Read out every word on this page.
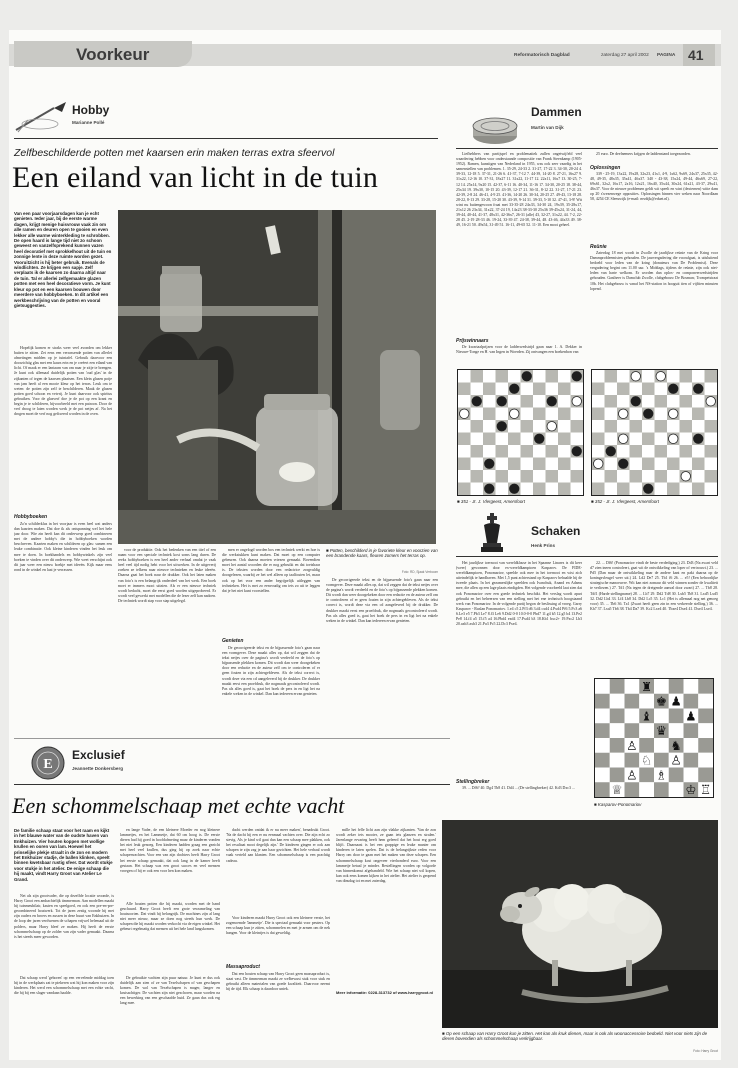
Voorkeur	Reformatorisch Dagblad	zaterdag 27 april 2002 PAGINA 41
Hobby
Marianne Pollé
Zelfbeschilderde potten met kaarsen erin maken terras extra sfeervol
Een eiland van licht in de tuin
Van een paar voorjaarsdagen kan je echt genieten. Ieder jaar, bij de eerste warme dagen, krijgt menige huisvrouw vaak zin om alle ramen en deuren open te gooien en even lekker alle warme winterkleding te schrobben. De open haard is lange tijd niet zo schoon geweest en vanzelfsprekend kunnen vazen heel decoratief met sprokkelhout uit de tuin en zonnige lente in deze ruimte worden gezet. Vooruitzicht is hij beter gebruik. Evenals de windlichten. Ze krijgen een sapje. Zelf verplaats ik de kaarsen zo daarna altijd naar de tuin. Tal er allerlei zelfgemaakte glazen potten met een heel decoratieve vorm. Je kunt kleur op pot en een kaarsen bouwen door meerdere van hobbyboeken. In dit artikel een werkbeschrijving van de potten en vooral gietsuggesties.

Hopelijk komen er straks weer veel avonden om lekker buiten te zitten. Zet eens een verrassende potten van allerlei afmetingen midden op je tuintafel. Gebruik daarvoor een doorzichtig glas met een kaars erin en je creëert een eiland van licht. Of maak er een lantaarn van om naar je zitje te brengen. Je kunt ook allemaal duidelijk potten van 'oud glas' in de zijkanten of tegen de kaarsen plaatsen. Een klein glazen potje van jam heeft al een mooie kleur op het terras. Leuk om te weten: de potten zijn zelf te beschilderen. Maak de glazen potten goed schoon en vetvrij. Je kunt daarvoor ook spiritus gebruiken. Voor de glasverf doe je de pot op een krant en begin je te schilderen, bijvoorbeeld met een patroon. Door de verf droog te laten worden werk je de pot netjes af. Na het drogen moet de verf nog gefixeerd worden in de oven.

Hobbyboeken

Zo'n schilderklus in het voorjaar is even heel wat anders dan kaarten maken. Dat doe ik als ontspanning wel het hele jaar door. Wie zin heeft kan dit onderwerp goed combineren met de andere hobby's die in hobbyboeken worden beschreven. Kaarten maken en schilderen op glas: samen een leuke combinatie. Ook kleine kinderen vinden het leuk om mee te doen. In boekhandels en hobbywinkels zijn veel boeken te vinden over dit onderwerp. Wie weet verschijnt ook dit jaar weer een nieuw boekje met ideeën. Kijk maar eens rond in de winkel en laat je verrassen.

voor de produktie. Ook het bedenken van een titel of een naam voor een speciale techniek kost soms lang duren. De reeks hobbyboeken is een heel ander verhaal omdat je vaak heel veel tijd nodig hebt voor het uitwerken. In de uitgeverij zoeken ze telkens naar nieuwe technieken en leuke ideeën. Daarna gaat het boek naar de drukker. Ook het laten maken van foto's is een belangrijk onderdeel van het werk. Een boek moet er immers mooi uitzien. Als er een nieuwe techniek wordt bedacht, moet die eerst goed worden uitgeprobeerd. Er wordt veel gewerkt met modellen die de lezer zelf kan nadoen. De techniek wordt stap voor stap uitgelegd.

men er ongelogd worden bos een techniek werkt en hoe is die werkstukken kunt maken. Dat moet op een computer gebeuren. Ook daarna moeten vriezen gemaakt. Bovendien moet het aantal woorden die er nog gebruikt en dat toetsbaar is. De teksten worden door een redactrice zorgvuldig doorgelezen, waarbij ze het wel alleen op taalfouten let, maar ook op het voor een ander begrijpelijk uitleggen van technieken. Het is met zo eenvoudig om iets zo uit te leggen dat je het niet kunt voorstellen.

Genieten

De gecorrigeerde tekst en de bijpassende foto's gaan naar een vormgever. Deze maakt alles op, dat wil zeggen dat de tekst netjes over de pagina's wordt verdeeld en de foto's op bijpassende plekken komen. Dit wordt dan weer doorgekeken door een redactie en de auteur zelf om te controleren of er geen fouten in zijn achtergebleven. Als de tekst correct is, wordt deze via een cd aangeleverd bij de drukker. De drukker maakt eerst een proefdruk, die nogmaals gecontroleerd wordt. Pas als alles goed is, gaat het boek de pers in en ligt het na enkele weken in de winkel. Dan kan iedereen ervan genieten.

■ Potten, beschilderd in je favoriete kleur en voorzien van een brandende kaars, fleuren zomers het terras op.
Foto: RD, Sjaak Verboom

De gecorrigeerde tekst en de bijpassende foto's gaan naar een vormgever. Deze maakt alles op, dat wil zeggen dat de tekst netjes over de pagina's wordt verdeeld en de foto's op bijpassende plekken komen. Dit wordt dan weer doorgekeken door een redactie en de auteur zelf om te controleren of er geen fouten in zijn achtergebleven. Als de tekst correct is, wordt deze via een cd aangeleverd bij de drukker. De drukker maakt eerst een proefdruk, die nogmaals gecontroleerd wordt. Pas als alles goed is, gaat het boek de pers in en ligt het na enkele weken in de winkel. Dan kan iedereen ervan genieten.

Dammen
Martin van Dijk

Liefhebbers van partijspel en problematiek zullen ongetwijfeld veel waardering hebben voor onderstaande compositie van Frank Steenkamp (1905-1952). Ramen, kunstigen van Nederland in 1955, was ook zeer vaardig in het samenstellen van problemen. 1. 35-29, 24-33 2. 31-27, 17-22 3. 34-30, 20-24 4. 39-33, 12-18 5. 37-31, 21-26 6. 41-37, 7-12 7. 44-39, 14-20 8. 27-21, 16x27 9. 31x22, 12-16 10. 37-31, 18x27 11. 31x22, 11-17 12. 22x11, 16x7 13. 30-25, 7-12 14. 25x14, 9x20 15. 42-37, 6-11 16. 40-34, 11-16 17. 34-30, 20-25 18. 38-44, 25x34 19. 39x30, 10-15 20. 43-39, 12-17 21. 36-31, 8-12 22. 31-27, 17-21 23. 42-39, 2-8 24. 46-41, 4-9 25. 41-36, 14-20 26. 30-34, 20-25 27. 49-43, 13-18 28. 28-22, 8-13 29. 33-28, 15-20 30. 43-39, 9-14 31. 39-33, 5-10 32. 47-41, 3-9! Wit wint nu buitengewoon fraai met 33-35-28 24x33, 34-30 24, 19x39, 35-28x17, 21x12 26 23x34, 31x22, 37-24 19, 14x23 38-33-30 25x36 39-45x24, 31-24, 44, 39-44, 40-44, 41-37, 48x31, 42-36x7, 26-31 (alle) 43, 32-27, 31x22, 44. 7-2, 22-28 45. 2-19 28-33 46. 19-24, 33-39 47. 24-38, 39-44, 48. 43-46, 44x33 49. 38-49, 16-21 50. 49x54, 31-49 51. 16-11, 49-65 52. 11-10. Een mooi geheel.

Prijswinnaars

De kwartaalprijzen voor de ladderwedstrijd gaan naar 1. A. Dekker in Nieuwe-Tonge en H. van Ingen in Woerden. Zij ontvangen een boekenbon van

25 euro. De deelnemers krijgen de laddenstand toegezonden.

Oplossingen

339 - 25-19, 13x22, 19x28, 32x23, 41x1, 4-9, 1x62, 9x69, 24x37, 25x35, 42-48, 49-35, 48x35, 35x41, 46x37. 340 - 43-38, 15x24, 49-44, 46x69, 27-22, 69x61, 32x2, 16x17, 2x16, 12x21, 16x40, 35x44, 30x24, 61x21, 43-37, 29x41, 46x37. Voor de nieuwe problemen geldt wit speelt en wint (dexternen) witte dam op 20 s'wezenwege opposities. Oplossingen binnen vier weken naar Noordlaan 58, 4254 CE Sleeuwijk (e-mail: mvdijk@eduet.nl).

Reünie

Zaterdag 18 mei wordt in Zwolle de jaarlijkse reünie van de Kring voor Dammprobleemisten gehouden. De jaarvergadering die voorafgaat, is uitsluitend bedoeld voor leden van de kring (donateurs van De Problemist). Deze vergadering begint om 11.00 uur. 's Middags, tijdens de reünie, zijn ook niet-leden van harte welkom. Er worden dan oplos- en componeerwedstrijden gehouden. Gastheer is Damclub Zwolle, clubgebouw De Bosmarr, Trompetstraat 10b. Het clubgebouw is vanaf het NS-station in hooguit tien of vijftien minuten lopend.

■ 351 - Jr. J. Vlergeest, Amersfoort	■ 352 - Jr. J. Vlergeest, Amersfoort
Schaken
Henk Prins

Het jaarlijkse toernooi van wereldklasse in het Spaanse Linares is dit keer (weer) gewonnen door ex-wereldkampioen Kasparov. De FIDE-wereldkampioen, Ponomariov, speelde ook mee in het toernooi en wist zich uiteindelijk te handhaven. Met 1,5 punt achterstand op Kasparov behaalde hij de tweede plaats. In het gezamenlijke speelden ook Ivanchuk, Anand en Adams mee, die allen op een lage plaats eindigden. Het volgende voorbeeld laat zien dat ook Ponomariov over een goede techniek beschikt. Het verslag wordt apart gebruikt en het beheersen van een stelling met het ene technisch hoogstaand werk van Ponomariov. In de volgende partij begon de beslissing al vroeg. Garry Kasparov - Ruslan Ponomariov. 1.e4 c5 2.Pf3 d6 3.d4 cxd4 4.Pxd4 Pf6 5.Pc3 a6 6.Le3 e5 7.Pb3 Le7 8.f3 Le6 9.Dd2 0-0 10.0-0-0 Pbd7 11.g4 b5 12.g5 b4 13.Pe2 Pe8 14.f4 a5 15.f5 a4 16.Pbd4 exd4 17.Pxd4 b3 18.Kb1 bxc2+ 19.Pxc2 Lb3 20.axb3 axb3 21.Pa3 Pc5 22.Dc3 Pxe4.

Stellingbreker

39. ... Df6? 40. Dg4 Tb8 41. Dd4 ... (De stellingbreker) 42. Kd3 Dxc3 ...

22. ... Df6! (Ponomariov vindt de beste verdediging.) 23. Dd3 (Na zwart veld d7 zien ineen controleert, gaat wit de ontwikkeling van loper of vertrouwt.) 23. ... Pd5 (Dan maar de ontwikkeling naar de andere kant en pakt daarna op de koningsvleugel weer uit.) 24. Ld2 De7 25. Tb1 f6 26. ... e5! (Een behoorlijke strategische manoeuvre. Wit kan niet zomaar dit veld winnen zonder de kwaliteit te verliezen.) 27. Td1 (Na tegen de dreigende aanval door zwart) 27. ... Tb8 28. Tdf1 (Harde stellingname) 28. ... Lb7 29. Dd2 Td8 30. Lxb5 Tb8 31. Lxd5 Lxd5 32. Dd2 Lb4 33. Lf4 Lb8 34. Dd2 Lc5 35. Lc1 (Het is allemaal nog net genoeg voor) 35. ... Tb6 36. Ta1 (Zwart heeft geen zin in een verkeerde stelling.) 36. ... Kh7 37. Lxa5 Tb6 38. Tb4 Da7 39. Kc2 Lxe4 40. Tbxe4 Dxe4 41. Dxe4 Lxe4.

♜
♚ ♟
♝	♟
♛
♙	♞
♘ ♙
♙ ♗
♕	♔ ♖
■ Kasparov-Ponomariov
E
Exclusief
Jeannette Donkersberg
Een schommelschaap met echte vacht
De familie schaap staat voor het raam en kijkt in het blauwe water van de oudste haven van Enkhuizen. Vier houten koppen met wollige krullen en ooren van lam. Hoewel het prinselijke plekje straalt in de zon en modern het Enkhuizer stadje, de ballen klinken, speelt binnen kwetsbaar rustig sfeer. Dat wordt stukje voor stukje in het atelier. De enige schaap die hij maakt, vindt Harry Groot van Atelier Le Grand.

Net als zijn grootvader, die op dezelfde locatie woonde, is Harry Groot een ambachtelijk timmerman. Aan modellen maakt hij tuinmeubilair, kasten en speelgoed, en ook een pre-en-pre-gecombineerd houtwerk. Tot de jaren zestig woonde hij met zijn ouders en broers en zussen in deze buurt van Enkhuizen. In de loop der jaren verdwenen de schapen vrijwel helemaal uit de polders, maar Harry bleef ze maken. Hij heeft de eerste schommelschaap op de zolder van zijn vader gemaakt. Daarna is het steeds meer geworden.

Dat schaap werd 'geboren' op een vervelende middag toen hij in de werkplaats zat te piekeren wat hij kon maken voor zijn kinderen. Het werd een schommelschaap met een echte vacht, die hij bij een slager vandaan haalde.

en lange Vader, de een kleinere Moeder en nog kleinere lammetjes, en het Lammetje, dat 60 cm hoog is. De eerste dieren had hij goed in hoofdafmeting maar de kinderen vonden het niet leuk genoeg. Een kinderen hadden graag een gezicht met heel veel krullen, dus ging hij op zoek naar echte schapenvachten. Voor een van zijn dochters heeft Harry Groot het eerste schaap gemaakt, dat ook lang in de kamer heeft gestaan. Het schaap was een groot succes en veel mensen vroegen of hij er ook een voor hen kon maken.

Alle houten potten die hij maakt, worden met de hand geschuurd. Harry Groot heeft een grote verzameling van houtsoorten. Dat vindt hij belangrijk. De machines zijn al lang niet meer nieuw, maar ze doen nog steeds hun werk. De schapen die hij maakt worden verkocht via de eigen winkel. Het gebeurt regelmatig dat mensen uit het hele land langskomen.

De gebruikte vachten zijn puur natuur. Je kunt er dus ook duidelijk aan zien of ze van Texelschapen of van geschapen komen. De wol van Texelschapen is mager, langer en kruisachtiger. De vachten zijn niet geschoren, maar worden na een bewerking van een geschaafde huid. Ze gaan dus ook erg lang mee.

dacht werden ontdat ik er nu meer maken', benadrukt Groot. 'Na de dacht hij een er nu eenmaal vachten over. Die zijn echt zo stevig. Als je kind wil gaat dan kan een schaap mee plakken, ook het resultaat mooi degelijk zijn.' De kinderen gingen er ook aan schapen te zijn zag je aan haar gezichten. Het hele verhaal wordt vaak verteld aan klanten. Een schommelschaap is een prachtig cadeau.

Voor kinderen maakt Harry Groot ook een kleinere versie, het zogenoemde 'lammetje'. Die is speciaal gemaakt voor peuters. Op een schaap kun je zitten, schommelen en met je armen om de nek hangen. Voor de kleintjes is dat geweldig.

Massaproduct

Dat een houten schaap van Harry Groot geen massaproduct is, staat vast. De timmerman maakt ze welbewust stuk voor stuk en gebruikt alleen materialen van goede kwaliteit. Daarvoor neemt hij de tijd. Elk schaap is daardoor uniek.

mille het felle licht aan zijn vlakke zijkanten. 'Van de zon wordt zeker iets mooier, ze gaan iets glanzen en stralen.' Jarenlange ervaring heeft hem geleerd dat het hout erg goed blijft. Daarnaast is het een grappige en leuke manier om kinderen te laten spelen. Dat is de belangrijkste reden voor Harry om door te gaan met het maken van deze schapen. Een schommelschaap kost ongeveer vierhonderd euro. Voor een lammetje betaal je minder. Bestellingen worden op volgorde van binnenkomst afgehandeld. Wie het schaap niet wil kopen, kan ook eens komen kijken in het atelier. Het atelier is geopend van dinsdag tot en met zaterdag.

Meer informatie: 0228-313732 of www.harrygroot.nl
■ Op een schaap van Harry Groot kun je zitten. Het kan als kruk dienen, maar is ook als woonaccessoire bedoeld. Niet voor niets zijn de dieren bovendien als schommelschaap verkrijgbaar.
Foto: Harry Groot
